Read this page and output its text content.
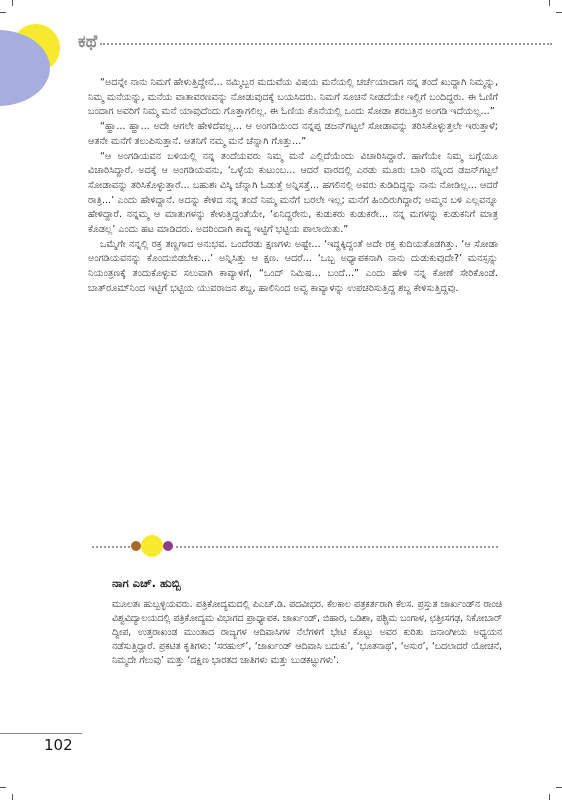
ಕಥೆ

“ಅದನ್ನೇ ನಾನು ನಿಮಗೆ ಹೇಳುತ್ತಿದ್ದೇನೆ... ನಮ್ಮಿಬ್ಬರ ಮದುವೆಯ ವಿಷಯ ಮನೆಯಲ್ಲಿ ಚರ್ಚೆಯಾದಾಗ ನನ್ನ ತಂದೆ ಖುದ್ದಾಗಿ ನಿಮ್ಮನ್ನು, ನಿಮ್ಮ ಮನೆಯನ್ನು, ಮನೆಯ ವಾತಾವರಣವನ್ನು ನೋಡುವುದಕ್ಕೆ ಬಯಸಿದರು. ನಿಮಗೆ ಸೂಚನೆ ನೀಡದೆಯೇ ಇಲ್ಲಿಗೆ ಬಂದಿದ್ದರು. ಈ ಓಣಿಗೆ ಬಂದಾಗ ಅವರಿಗೆ ನಿಮ್ಮ ಮನೆ ಯಾವುದೆಂದು ಗೊತ್ತಾಗಲಿಲ್ಲ. ಈ ಓಣಿಯ ಕೊನೆಯಲ್ಲಿ ಒಂದು ಸೋಡಾ ಶರಬತ್ತಿನ ಅಂಗಡಿ ಇದೆಯಲ್ಲ...”

“ಹ್ಹಾ... ಹ್ಹಾ... ಅದೇ ಆಗಲೇ ಹೇಳಿದೆವಲ್ಲ... ಆ ಅಂಗಡಿಯಿಂದ ನನ್ನಪ್ಪ ಡಜನ್‌ಗಟ್ಟಲೆ ಸೋಡಾವನ್ನು ತರಿಸಿಕೊಳ್ಳುತ್ತಲೇ ಇರುತ್ತಾಳೆ; ಆತನೇ ಮನೆಗೆ ತಲುಪಿಸುತ್ತಾನೆ. ಆತನಿಗೆ ನಮ್ಮ ಮನೆ ಚೆನ್ನಾಗಿ ಗೊತ್ತು...”

“ಆ ಅಂಗಡಿಯವನ ಬಳಿಯಲ್ಲಿ ನನ್ನ ತಂದೆಯವರು ನಿಮ್ಮ ಮನೆ ಎಲ್ಲಿದೆಯೆಂದು ವಿಚಾರಿಸಿದ್ದಾರೆ. ಹಾಗೆಯೇ ನಿಮ್ಮ ಬಗ್ಗೆಯೂ ವಿಚಾರಿಸಿದ್ದಾರೆ. ಅದಕ್ಕೆ ಆ ಅಂಗಡಿಯವನು, ‘ಒಳ್ಳೆಯ ಕುಟುಂಬ... ಆದರೆ ವಾರದಲ್ಲಿ ಎರಡು ಮೂರು ಬಾರಿ ನನ್ನಿಂದ ಡಜನ್‌ಗಟ್ಟಲೆ ಸೋಡಾವನ್ನು ತರಿಸಿಕೊಳ್ಳುತ್ತಾರೆ... ಬಹುಶಃ ವಿಸ್ಕಿ ಚೆನ್ನಾಗಿ ಓಡುತ್ತೆ ಅನ್ನಿಸತ್ತೆ... ಹಗಲಿನಲ್ಲಿ ಅವರು ಕುಡಿದಿದ್ದನ್ನು ನಾನು ನೋಡಿಲ್ಲ... ಆದರೆ ರಾತ್ರಿ...’ ಎಂದು ಹೇಳಿದ್ದಾನೆ. ಅದನ್ನು ಕೇಳಿದ ನನ್ನ ತಂದೆ ನಿಮ್ಮ ಮನೆಗೆ ಬರಲೇ ಇಲ್ಲ; ಮನೆಗೆ ಹಿಂದಿರುಗಿದ್ದಾರೆ; ಅಮ್ಮನ ಬಳಿ ಎಲ್ಲವನ್ನೂ ಹೇಳಿದ್ದಾರೆ. ನನ್ನಮ್ಮ ಆ ಮಾತುಗಳನ್ನು ಕೇಳುತ್ತಿದ್ದಂತೆಯೇ, ‘ಏನಿದ್ದರೇನು, ಕುಡುಕರು ಕುಡುಕರೇ... ನನ್ನ ಮಗಳನ್ನು ಕುಡುಕನಿಗೆ ಮಾತ್ರ ಕೊಡಲ್ಲ’ ಎಂದು ಹಟ ಮಾಡಿದರು. ಅದರಿಂದಾಗಿ ಕಾವ್ಯ ಇಟ್ಟಿಗೆ ಭಟ್ಟಿಯ ಪಾಲಾಯಿತು.”

ಒಮ್ಮೆಗೇ ನನ್ನಲ್ಲಿ ರಕ್ತ ತಣ್ಣಗಾದ ಅನುಭವ. ಒಂದೆರಡು ಕ್ಷಣಗಳು ಅಷ್ಟೇ... ‘ಇದ್ದಕ್ಕಿದ್ದಂತೆ ಅದೇ ರಕ್ತ ಕುದಿಯತೊಡಗಿತ್ತು. ‘ಆ ಸೋಡಾ ಅಂಗಡಿಯವನನ್ನು ಕೊಂದುಬಿಡಬೇಕು...’ ಅನ್ನಿಸಿತ್ತು ಆ ಕ್ಷಣ. ಆದರೆ... ‘ಒಬ್ಬ ಅಧ್ಯಾಪಕನಾಗಿ ನಾನು ದುಡುಕುವುದೇ?’ ಮನಸ್ಸನ್ನು ನಿಯಂತ್ರಣಕ್ಕೆ ತಂದುಕೊಳ್ಳುವ ಸಲುವಾಗಿ ಕಾವ್ಯಾಳಿಗೆ, “ಒಂದ್ ನಿಮಿಷ... ಬಂದೆ...” ಎಂದು ಹೇಳಿ ನನ್ನ ಕೋಣೆ ಸೇರಿಕೊಂಡೆ. ಬಾತ್‌ರೂಮ್‌ನಿಂದ ಇಟ್ಟಿಗೆ ಭಟ್ಟಿಯ ಯುವರಾಜನ ಶಬ್ದ, ಹಾಲಿನಿಂದ ಅವ್ವ ಕಾವ್ಯಾಳನ್ನು ಉಪಚರಿಸುತ್ತಿದ್ದ ಶಬ್ದ ಕೇಳಿಸುತ್ತಿದ್ದವು.

ನಾಗ ಎಚ್. ಹುಬ್ಬಿ

ಮೂಲತಃ ಹುಬ್ಬಳ್ಳಿಯವರು. ಪತ್ರಿಕೋದ್ಯಮದಲ್ಲಿ ಪಿಎಚ್.ಡಿ. ಪದವೀಧರ. ಕೆಲಕಾಲ ಪತ್ರಕರ್ತರಾಗಿ ಕೆಲಸ. ಪ್ರಸ್ತುತ ಜಾರ್ಖಂಡ್‌ನ ರಾಂಚಿ ವಿಶ್ವವಿದ್ಯಾಲಯದಲ್ಲಿ ಪತ್ರಿಕೋದ್ಯಮ ವಿಭಾಗದ ಪ್ರಾಧ್ಯಾಪಕ. ಜಾರ್ಖಂಡ್, ಬಿಹಾರ, ಒಡಿಶಾ, ಪಶ್ಚಿಮ ಬಂಗಾಳ, ಛತ್ತೀಸಗಢ, ನಿಕೋಬಾರ್ ದ್ವೀಪ, ಉತ್ತರಾಖಂಡ ಮುಂತಾದ ರಾಜ್ಯಗಳ ಆದಿವಾಸಿಗಳ ನೆಲೆಗಳಿಗೆ ಭೇಟಿ ಕೊಟ್ಟು ಅವರ ಕುರಿತು ಜನಾಂಗೀಯ ಅಧ್ಯಯನ ನಡೆಸುತ್ತಿದ್ದಾರೆ. ಪ್ರಕಟಿತ ಕೃತಿಗಳು: ‘ಸರಹುಲ್’, ‘ಜಾರ್ಖಂಡ್ ಆದಿವಾಸಿ ಬದುಕು’, ‘ಭೂತನಾಥ’, ‘ಅಸುರ’, ‘ಬದಲಾದರೆ ಯೋಚನೆ, ನಿಮ್ಮದೇ ಗೆಲುವು’ ಮತ್ತು ‘ದಕ್ಷಿಣ ಭಾರತದ ಜಾತಿಗಳು ಮತ್ತು ಬುಡಕಟ್ಟುಗಳು’.

102
